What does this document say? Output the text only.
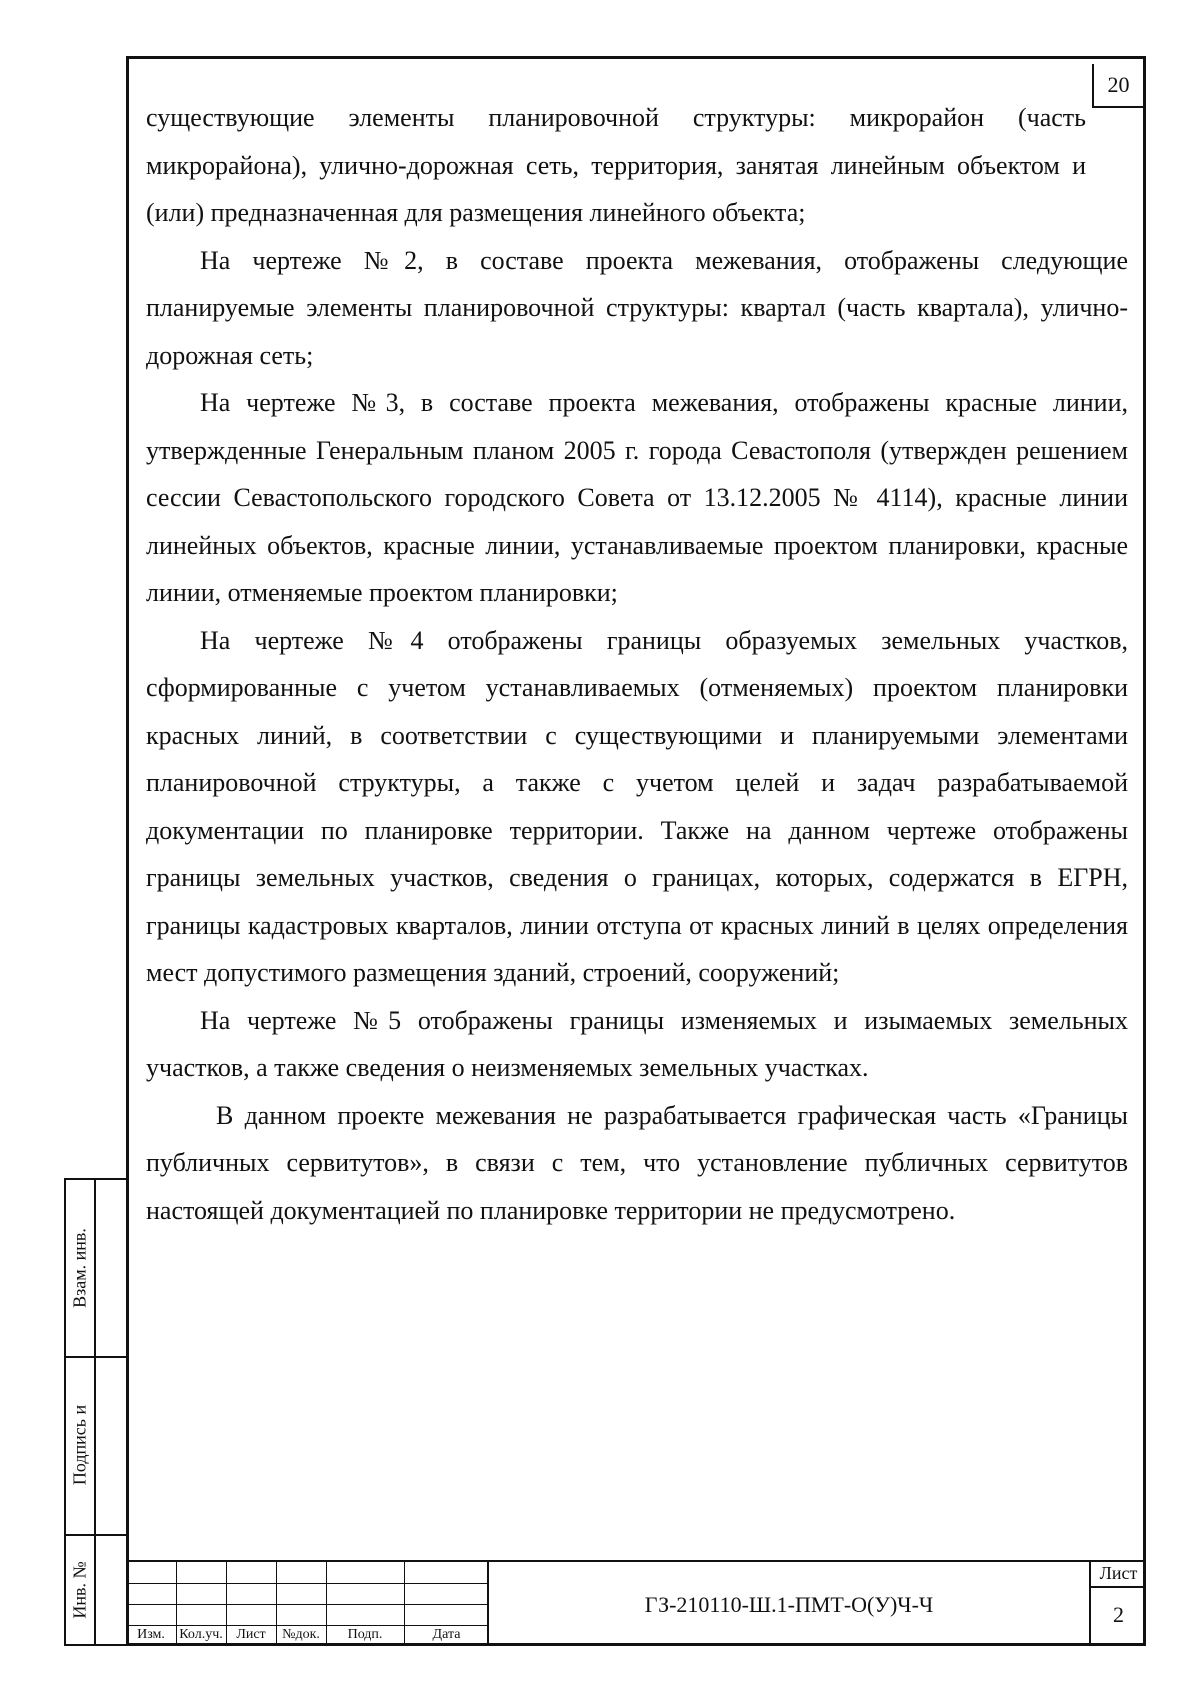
20

существующие элементы планировочной структуры: микрорайон (часть микрорайона), улично-дорожная сеть, территория, занятая линейным объектом и (или) предназначенная для размещения линейного объекта;

На чертеже №2, в составе проекта межевания, отображены следующие планируемые элементы планировочной структуры: квартал (часть квартала), улично-дорожная сеть;

На чертеже №3, в составе проекта межевания, отображены красные линии, утвержденные Генеральным планом 2005 г. города Севастополя (утвержден решением сессии Севастопольского городского Совета от 13.12.2005 № 4114), красные линии линейных объектов, красные линии, устанавливаемые проектом планировки, красные линии, отменяемые проектом планировки;

На чертеже №4 отображены границы образуемых земельных участков, сформированные с учетом устанавливаемых (отменяемых) проектом планировки красных линий, в соответствии с существующими и планируемыми элементами планировочной структуры, а также с учетом целей и задач разрабатываемой документации по планировке территории. Также на данном чертеже отображены границы земельных участков, сведения о границах, которых, содержатся в ЕГРН, границы кадастровых кварталов, линии отступа от красных линий в целях определения мест допустимого размещения зданий, строений, сооружений;

На чертеже №5 отображены границы изменяемых и изымаемых земельных участков, а также сведения о неизменяемых земельных участках.

В данном проекте межевания не разрабатывается графическая часть «Границы публичных сервитутов», в связи с тем, что установление публичных сервитутов настоящей документацией по планировке территории не предусмотрено.

Взам. инв.
Подпись и
Инв. №
Изм.	Кол.уч. Лист	№док.	Подп.	Дата
ГЗ-210110-Ш.1-ПМТ-О(У)Ч-Ч
Лист
2
